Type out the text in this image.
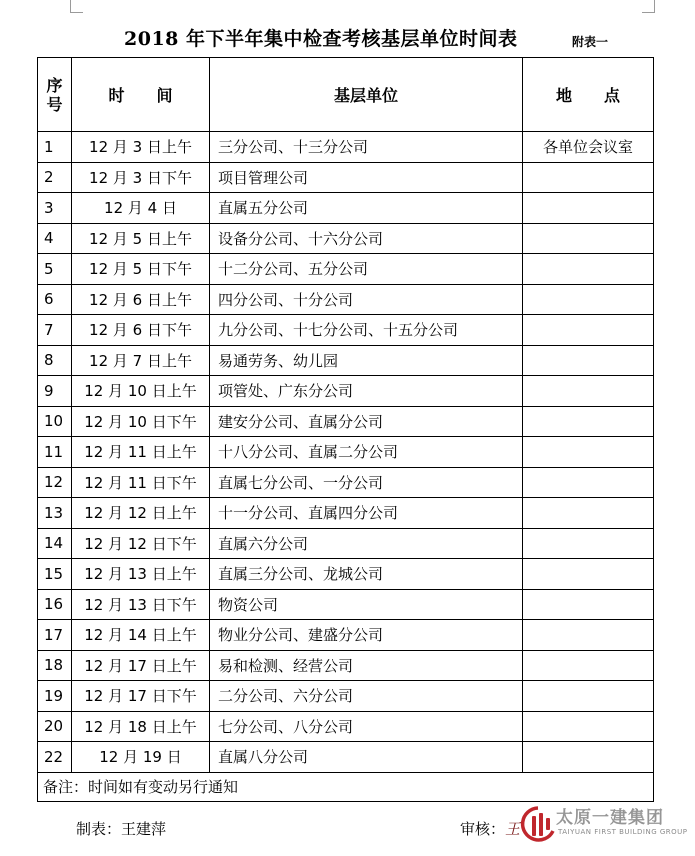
2018 年下半年集中检查考核基层单位时间表	附表一
序
号	时　　间	基层单位	地　　点
1	12 月 3 日上午	三分公司、十三分公司	各单位会议室
2	12 月 3 日下午	项目管理公司	
3	12 月 4 日	直属五分公司	
4	12 月 5 日上午	设备分公司、十六分公司	
5	12 月 5 日下午	十二分公司、五分公司	
6	12 月 6 日上午	四分公司、十分公司	
7	12 月 6 日下午	九分公司、十七分公司、十五分公司	
8	12 月 7 日上午	易通劳务、幼儿园	
9	12 月 10 日上午	项管处、广东分公司	
10	12 月 10 日下午	建安分公司、直属分公司	
11	12 月 11 日上午	十八分公司、直属二分公司	
12	12 月 11 日下午	直属七分公司、一分公司	
13	12 月 12 日上午	十一分公司、直属四分公司	
14	12 月 12 日下午	直属六分公司	
15	12 月 13 日上午	直属三分公司、龙城公司	
16	12 月 13 日下午	物资公司	
17	12 月 14 日上午	物业分公司、建盛分公司	
18	12 月 17 日上午	易和检测、经营公司	
19	12 月 17 日下午	二分公司、六分公司	
20	12 月 18 日上午	七分公司、八分公司	
22	12 月 19 日	直属八分公司	
备注：时间如有变动另行通知			
制表：王建萍	审核：王
太原一建集团
TAIYUAN FIRST BUILDING GROUP
